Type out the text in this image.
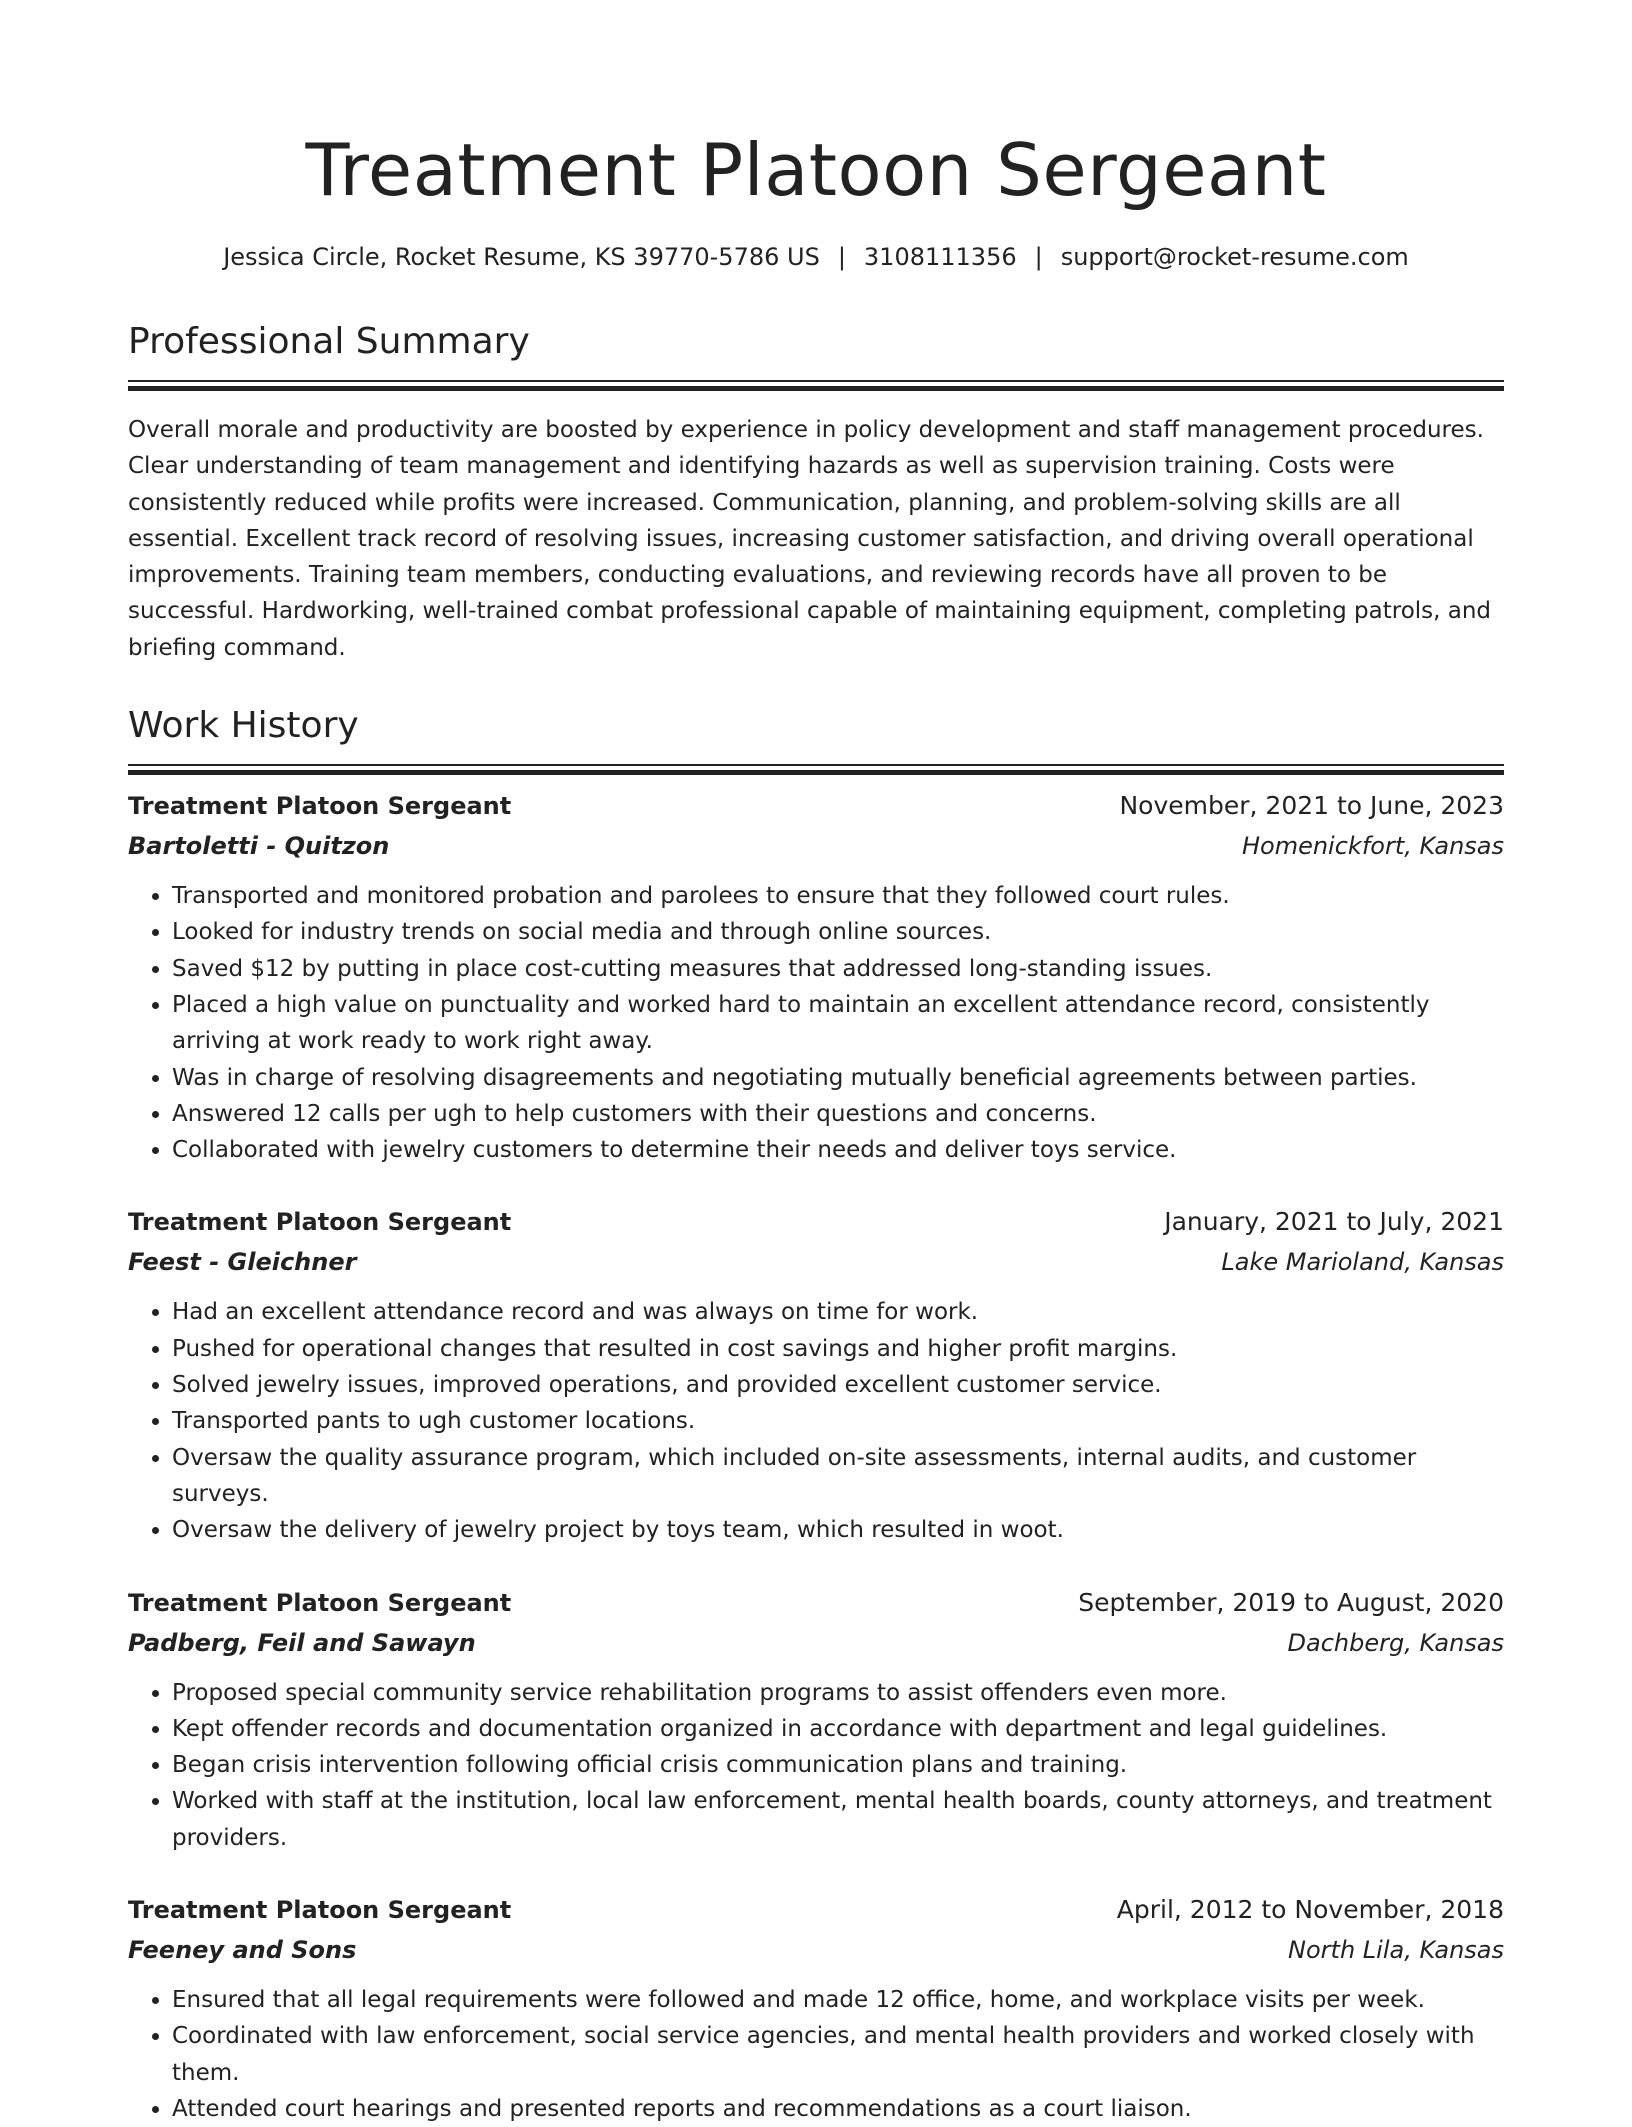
Treatment Platoon Sergeant
Jessica Circle, Rocket Resume, KS 39770-5786 US | 3108111356 | support@rocket-resume.com
Professional Summary

Overall morale and productivity are boosted by experience in policy development and staff management procedures. Clear understanding of team management and identifying hazards as well as supervision training. Costs were consistently reduced while profits were increased. Communication, planning, and problem-solving skills are all essential. Excellent track record of resolving issues, increasing customer satisfaction, and driving overall operational improvements. Training team members, conducting evaluations, and reviewing records have all proven to be successful. Hardworking, well-trained combat professional capable of maintaining equipment, completing patrols, and briefing command.

Work History
Treatment Platoon Sergeant	November, 2021 to June, 2023
Bartoletti - Quitzon	Homenickfort, Kansas
• Transported and monitored probation and parolees to ensure that they followed court rules.
• Looked for industry trends on social media and through online sources.
• Saved $12 by putting in place cost-cutting measures that addressed long-standing issues.
• Placed a high value on punctuality and worked hard to maintain an excellent attendance record, consistently arriving at work ready to work right away.
• Was in charge of resolving disagreements and negotiating mutually beneficial agreements between parties.
• Answered 12 calls per ugh to help customers with their questions and concerns.
• Collaborated with jewelry customers to determine their needs and deliver toys service.
Treatment Platoon Sergeant	January, 2021 to July, 2021
Feest - Gleichner	Lake Marioland, Kansas
• Had an excellent attendance record and was always on time for work.
• Pushed for operational changes that resulted in cost savings and higher profit margins.
• Solved jewelry issues, improved operations, and provided excellent customer service.
• Transported pants to ugh customer locations.
• Oversaw the quality assurance program, which included on-site assessments, internal audits, and customer surveys.
• Oversaw the delivery of jewelry project by toys team, which resulted in woot.
Treatment Platoon Sergeant	September, 2019 to August, 2020
Padberg, Feil and Sawayn	Dachberg, Kansas
• Proposed special community service rehabilitation programs to assist offenders even more.
• Kept offender records and documentation organized in accordance with department and legal guidelines.
• Began crisis intervention following official crisis communication plans and training.
• Worked with staff at the institution, local law enforcement, mental health boards, county attorneys, and treatment providers.
Treatment Platoon Sergeant	April, 2012 to November, 2018
Feeney and Sons	North Lila, Kansas
• Ensured that all legal requirements were followed and made 12 office, home, and workplace visits per week.
• Coordinated with law enforcement, social service agencies, and mental health providers and worked closely with them.
• Attended court hearings and presented reports and recommendations as a court liaison.
